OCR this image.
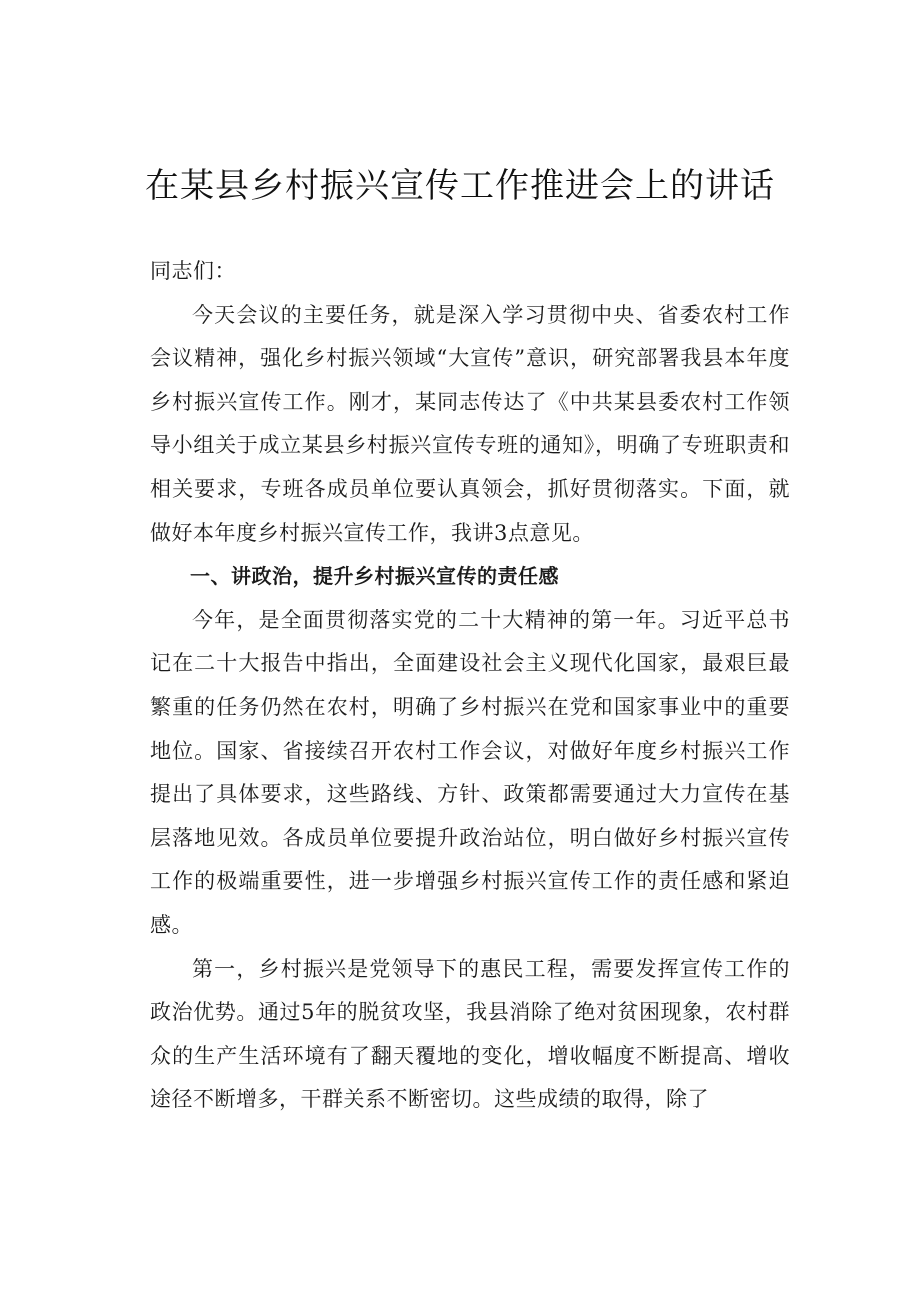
在某县乡村振兴宣传工作推进会上的讲话

同志们：

今天会议的主要任务，就是深入学习贯彻中央、省委农村工作会议精神，强化乡村振兴领域“大宣传”意识，研究部署我县本年度乡村振兴宣传工作。刚才，某同志传达了《中共某县委农村工作领导小组关于成立某县乡村振兴宣传专班的通知》，明确了专班职责和相关要求，专班各成员单位要认真领会，抓好贯彻落实。下面，就做好本年度乡村振兴宣传工作，我讲3点意见。

一、讲政治，提升乡村振兴宣传的责任感

今年，是全面贯彻落实党的二十大精神的第一年。习近平总书记在二十大报告中指出，全面建设社会主义现代化国家，最艰巨最繁重的任务仍然在农村，明确了乡村振兴在党和国家事业中的重要地位。国家、省接续召开农村工作会议，对做好年度乡村振兴工作提出了具体要求，这些路线、方针、政策都需要通过大力宣传在基层落地见效。各成员单位要提升政治站位，明白做好乡村振兴宣传工作的极端重要性，进一步增强乡村振兴宣传工作的责任感和紧迫感。

第一，乡村振兴是党领导下的惠民工程，需要发挥宣传工作的政治优势。通过5年的脱贫攻坚，我县消除了绝对贫困现象，农村群众的生产生活环境有了翻天覆地的变化，增收幅度不断提高、增收途径不断增多，干群关系不断密切。这些成绩的取得，除了
